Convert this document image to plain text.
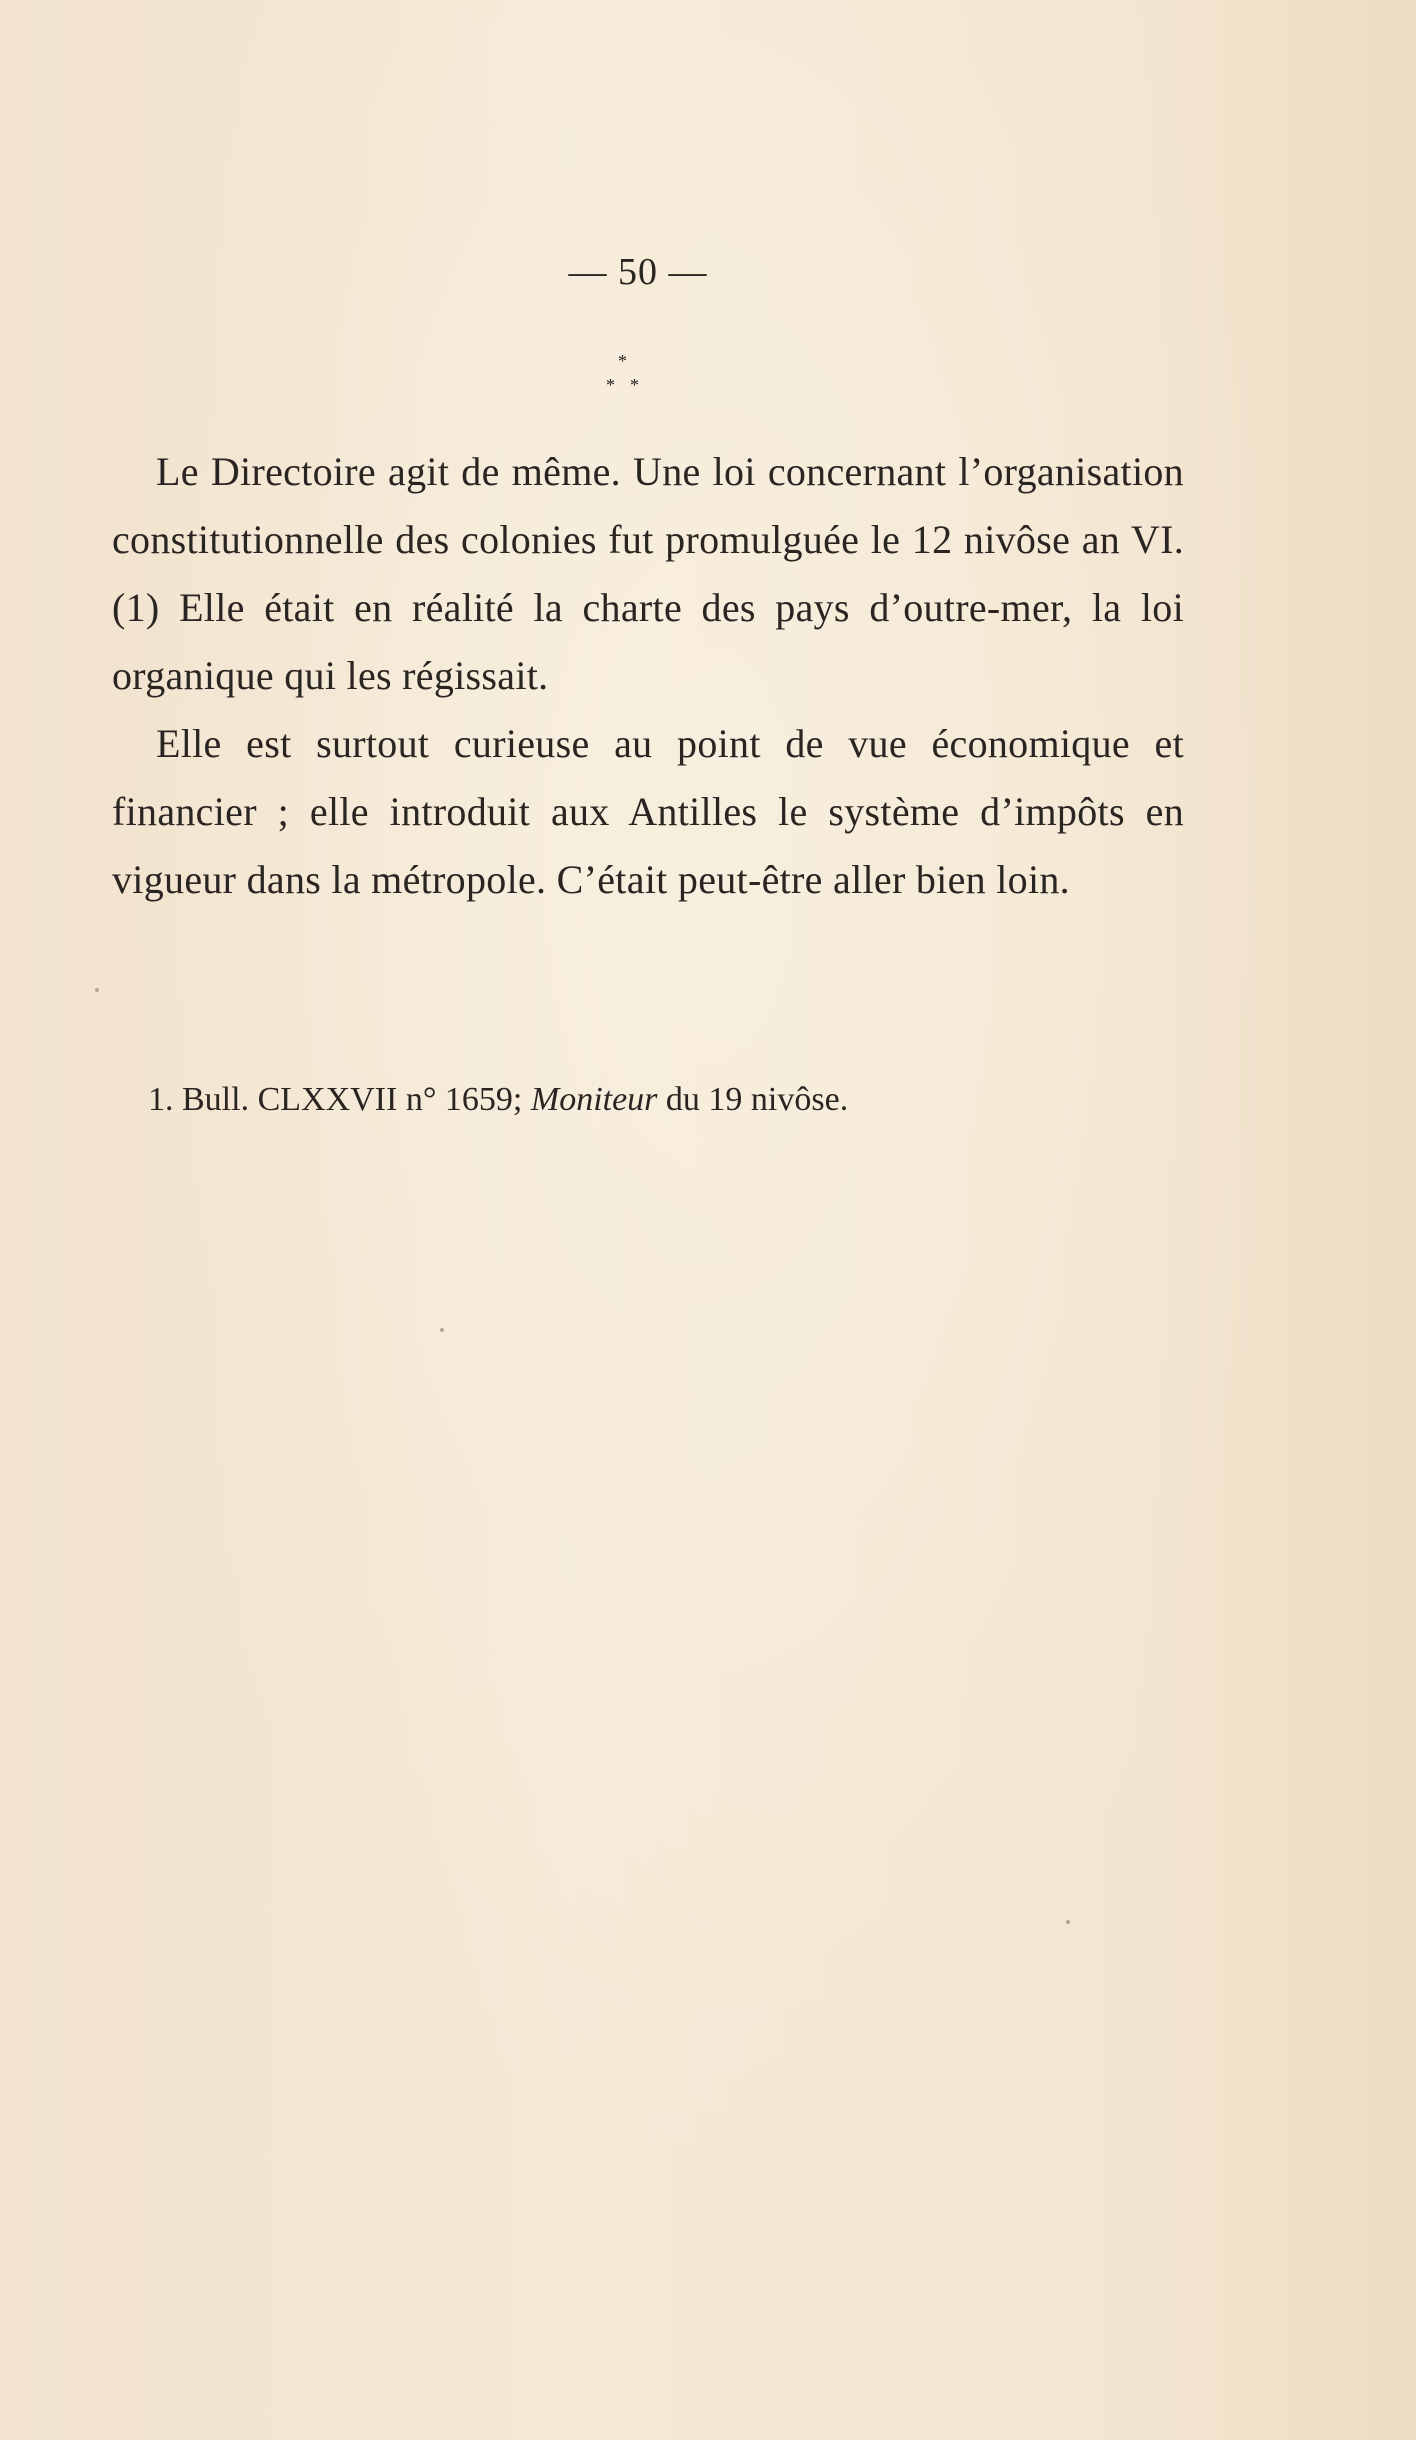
— 50 —
*
* *

Le Directoire agit de même. Une loi concernant l’organisation constitutionnelle des colonies fut promulguée le 12 nivôse an VI. (1) Elle était en réalité la charte des pays d’outre-mer, la loi organique qui les régissait.

Elle est surtout curieuse au point de vue économique et financier ; elle introduit aux Antilles le système d’impôts en vigueur dans la métropole. C’était peut-être aller bien loin.

1. Bull. CLXXVII n° 1659; Moniteur du 19 nivôse.
